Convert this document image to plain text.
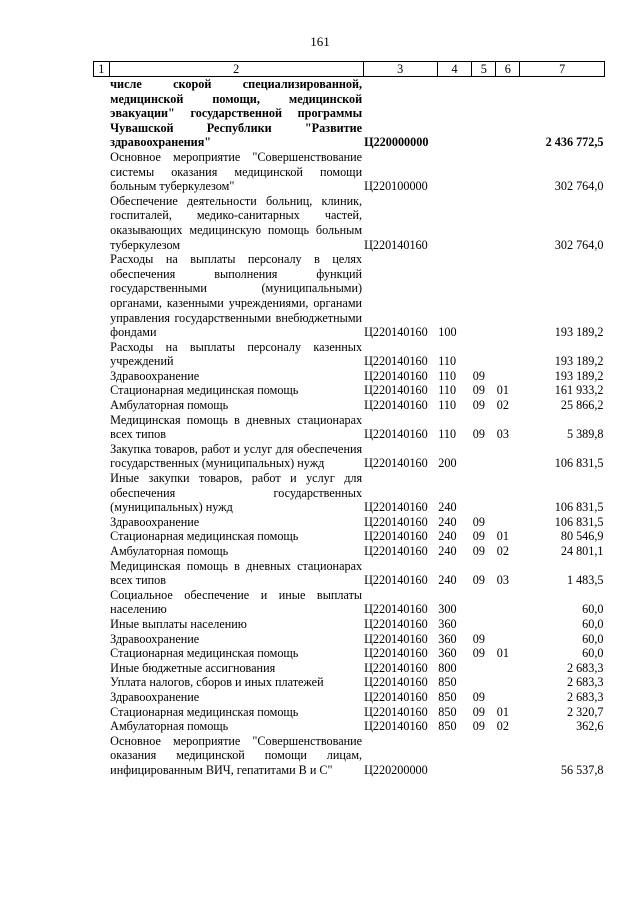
161
1	2	3	4	5	6	7
	числе скорой специализированной, медицинской помощи, медицинской эвакуации" государственной программы Чувашской Республики "Развитие здравоохранения"	Ц220000000				2 436 772,5
	Основное мероприятие "Совершенствование системы оказания медицинской помощи больным туберкулезом"	Ц220100000				302 764,0
	Обеспечение деятельности больниц, клиник, госпиталей, медико-санитарных частей, оказывающих медицинскую помощь больным туберкулезом	Ц220140160				302 764,0
	Расходы на выплаты персоналу в целях обеспечения выполнения функций государственными (муниципальными) органами, казенными учреждениями, органами управления государственными внебюджетными фондами	Ц220140160	100			193 189,2
	Расходы на выплаты персоналу казенных учреждений	Ц220140160	110			193 189,2
	Здравоохранение	Ц220140160	110	09		193 189,2
	Стационарная медицинская помощь	Ц220140160	110	09	01	161 933,2
	Амбулаторная помощь	Ц220140160	110	09	02	25 866,2
	Медицинская помощь в дневных стационарах всех типов	Ц220140160	110	09	03	5 389,8
	Закупка товаров, работ и услуг для обеспечения государственных (муниципальных) нужд	Ц220140160	200			106 831,5
	Иные закупки товаров, работ и услуг для обеспечения государственных (муниципальных) нужд	Ц220140160	240			106 831,5
	Здравоохранение	Ц220140160	240	09		106 831,5
	Стационарная медицинская помощь	Ц220140160	240	09	01	80 546,9
	Амбулаторная помощь	Ц220140160	240	09	02	24 801,1
	Медицинская помощь в дневных стационарах всех типов	Ц220140160	240	09	03	1 483,5
	Социальное обеспечение и иные выплаты населению	Ц220140160	300			60,0
	Иные выплаты населению	Ц220140160	360			60,0
	Здравоохранение	Ц220140160	360	09		60,0
	Стационарная медицинская помощь	Ц220140160	360	09	01	60,0
	Иные бюджетные ассигнования	Ц220140160	800			2 683,3
	Уплата налогов, сборов и иных платежей	Ц220140160	850			2 683,3
	Здравоохранение	Ц220140160	850	09		2 683,3
	Стационарная медицинская помощь	Ц220140160	850	09	01	2 320,7
	Амбулаторная помощь	Ц220140160	850	09	02	362,6
	Основное мероприятие "Совершенствование оказания медицинской помощи лицам, инфицированным ВИЧ, гепатитами B и C"	Ц220200000				56 537,8
